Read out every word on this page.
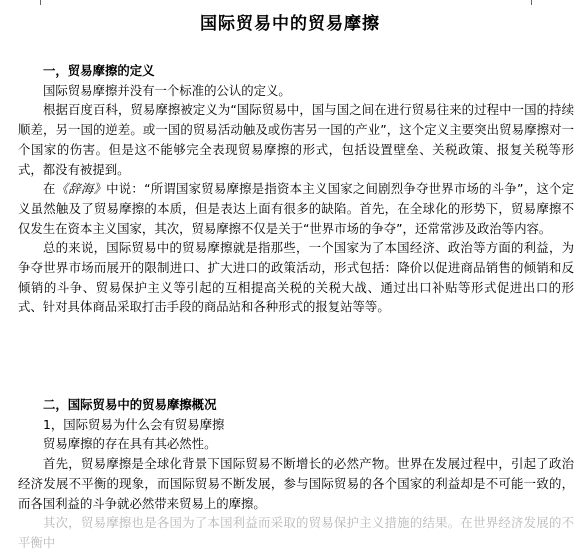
国际贸易中的贸易摩擦

一，贸易摩擦的定义

国际贸易摩擦并没有一个标准的公认的定义。

根据百度百科，贸易摩擦被定义为“国际贸易中，国与国之间在进行贸易往来的过程中一国的持续顺差，另一国的逆差。或一国的贸易活动触及或伤害另一国的产业”，这个定义主要突出贸易摩擦对一个国家的伤害。但是这不能够完全表现贸易摩擦的形式，包括设置壁垒、关税政策、报复关税等形式，都没有被提到。

在《辞海》中说：“所谓国家贸易摩擦是指资本主义国家之间剧烈争夺世界市场的斗争”，这个定义虽然触及了贸易摩擦的本质，但是表达上面有很多的缺陷。首先，在全球化的形势下，贸易摩擦不仅发生在资本主义国家，其次，贸易摩擦不仅是关于“世界市场的争夺”，还常常涉及政治等内容。

总的来说，国际贸易中的贸易摩擦就是指那些，一个国家为了本国经济、政治等方面的利益，为争夺世界市场而展开的限制进口、扩大进口的政策活动，形式包括：降价以促进商品销售的倾销和反倾销的斗争、贸易保护主义等引起的互相提高关税的关税大战、通过出口补贴等形式促进出口的形式、针对具体商品采取打击手段的商品站和各种形式的报复站等等。

二，国际贸易中的贸易摩擦概况

1，国际贸易为什么会有贸易摩擦

贸易摩擦的存在具有其必然性。

首先，贸易摩擦是全球化背景下国际贸易不断增长的必然产物。世界在发展过程中，引起了政治经济发展不平衡的现象，而国际贸易不断发展，参与国际贸易的各个国家的利益却是不可能一致的，而各国利益的斗争就必然带来贸易上的摩擦。

其次，贸易摩擦也是各国为了本国利益而采取的贸易保护主义措施的结果。在世界经济发展的不平衡中
